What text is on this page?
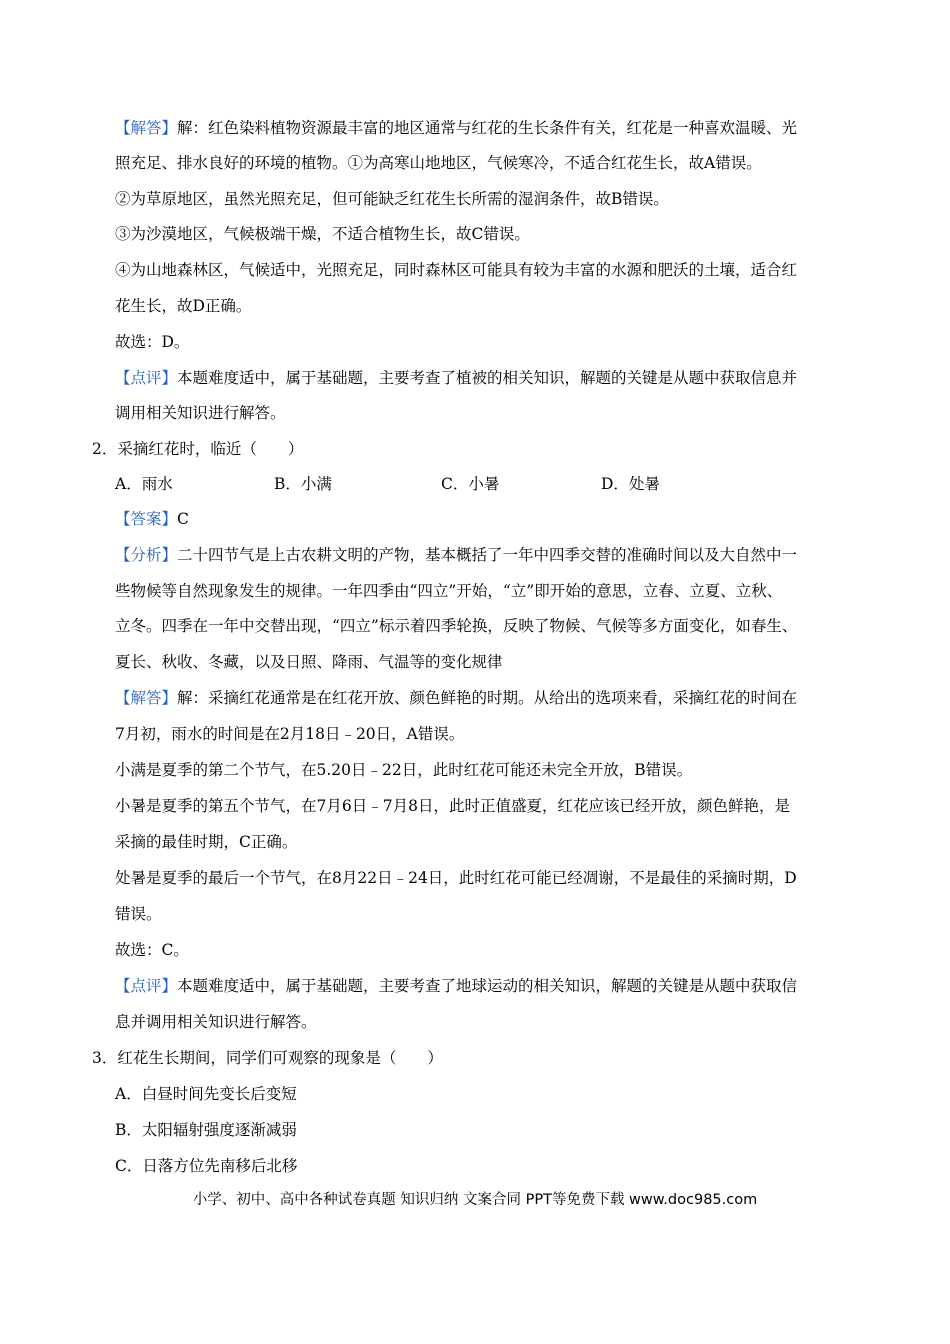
【解答】解：红色染料植物资源最丰富的地区通常与红花的生长条件有关，红花是一种喜欢温暖、光
照充足、排水良好的环境的植物。①为高寒山地地区，气候寒冷，不适合红花生长，故A错误。
②为草原地区，虽然光照充足，但可能缺乏红花生长所需的湿润条件，故B错误。
③为沙漠地区，气候极端干燥，不适合植物生长，故C错误。
④为山地森林区，气候适中，光照充足，同时森林区可能具有较为丰富的水源和肥沃的土壤，适合红
花生长，故D正确。
故选：D。
【点评】本题难度适中，属于基础题，主要考查了植被的相关知识，解题的关键是从题中获取信息并
调用相关知识进行解答。
2．采摘红花时，临近（　　）
A．雨水	B．小满	C．小暑	D．处暑
【答案】C
【分析】二十四节气是上古农耕文明的产物，基本概括了一年中四季交替的准确时间以及大自然中一
些物候等自然现象发生的规律。一年四季由“四立”开始，“立”即开始的意思，立春、立夏、立秋、
立冬。四季在一年中交替出现，“四立”标示着四季轮换，反映了物候、气候等多方面变化，如春生、
夏长、秋收、冬藏，以及日照、降雨、气温等的变化规律
【解答】解：采摘红花通常是在红花开放、颜色鲜艳的时期。从给出的选项来看，采摘红花的时间在
7月初，雨水的时间是在2月18日﹣20日，A错误。
小满是夏季的第二个节气，在5.20日﹣22日，此时红花可能还未完全开放，B错误。
小暑是夏季的第五个节气，在7月6日﹣7月8日，此时正值盛夏，红花应该已经开放，颜色鲜艳，是
采摘的最佳时期，C正确。
处暑是夏季的最后一个节气，在8月22日﹣24日，此时红花可能已经凋谢，不是最佳的采摘时期，D
错误。
故选：C。
【点评】本题难度适中，属于基础题，主要考查了地球运动的相关知识，解题的关键是从题中获取信
息并调用相关知识进行解答。
3．红花生长期间，同学们可观察的现象是（　　）
A．白昼时间先变长后变短
B．太阳辐射强度逐渐减弱
C．日落方位先南移后北移
小学、初中、高中各种试卷真题 知识归纳 文案合同 PPT等免费下载 www.doc985.com
